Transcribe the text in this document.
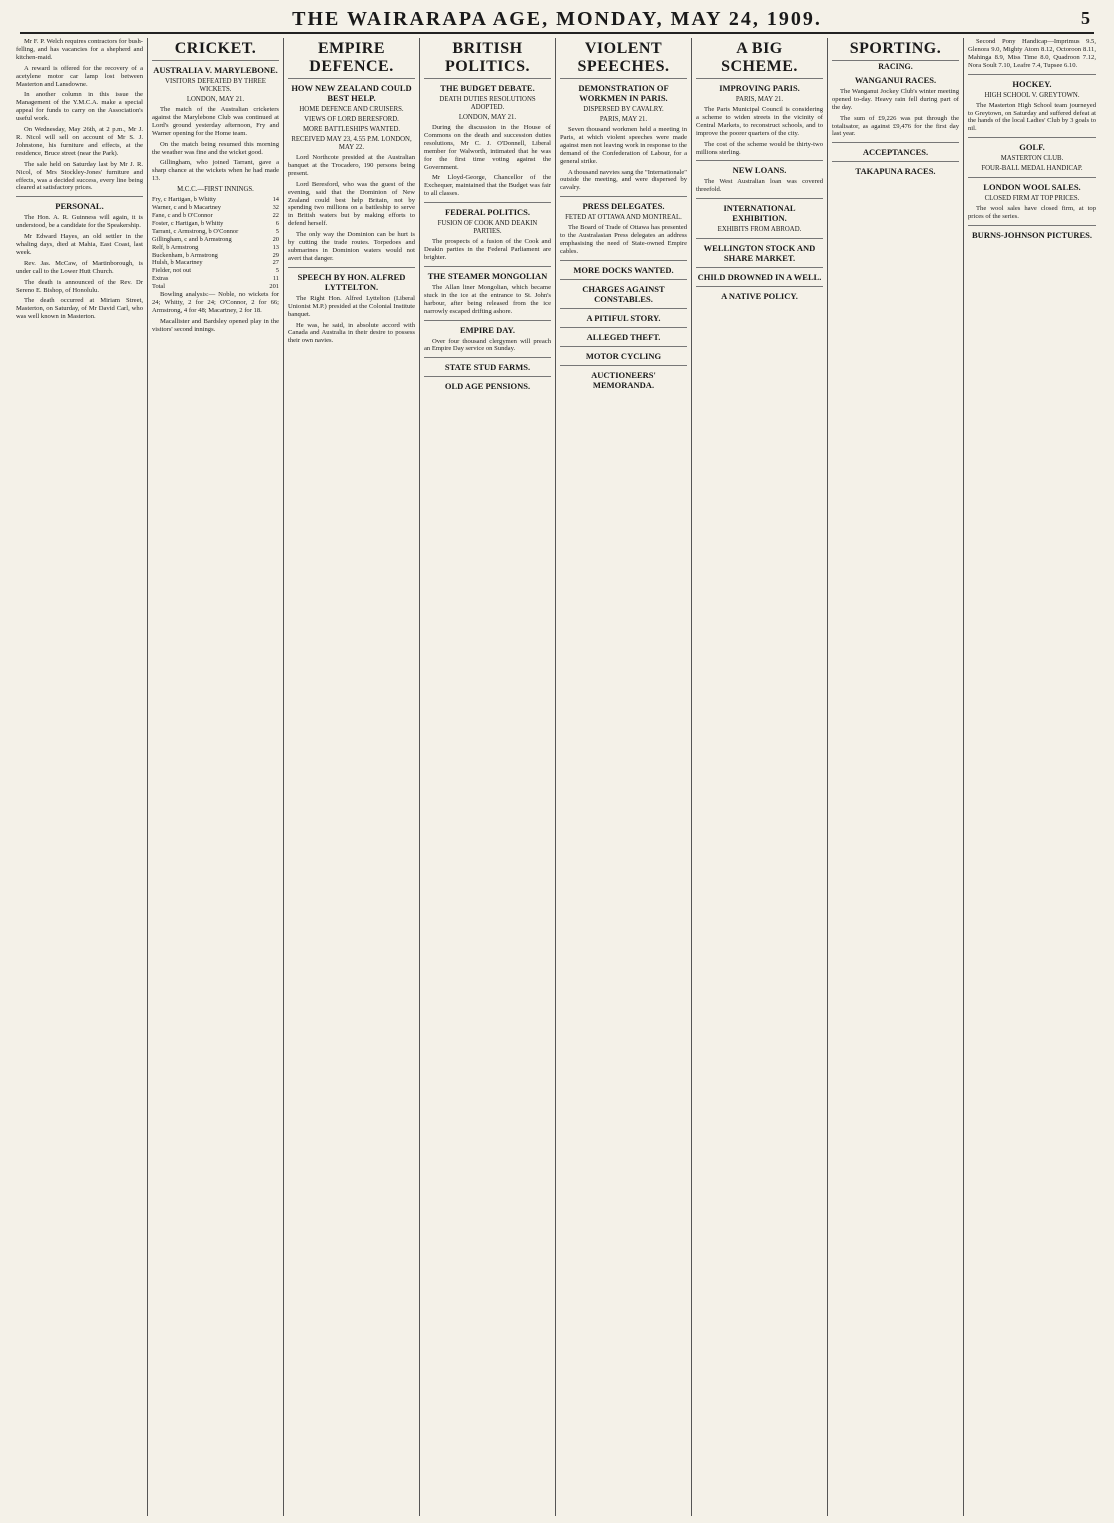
THE WAIRARAPA AGE, MONDAY, MAY 24, 1909.	5

Mr F. P. Welch requires contractors for bush-felling, and has vacancies for a shepherd and kitchen-maid.

A reward is offered for the recovery of a acetylene motor car lamp lost between Masterton and Lansdowne.

In another column in this issue the Management of the Y.M.C.A. make a special appeal for funds to carry on the Association's useful work.

On Wednesday, May 26th, at 2 p.m., Mr J. R. Nicol will sell on account of Mr S. J. Johnstone, his furniture and effects, at the residence, Bruce street (near the Park).

The sale held on Saturday last by Mr J. R. Nicol, of Mrs Stockley-Jones' furniture and effects, was a decided success, every line being cleared at satisfactory prices.

PERSONAL.

The Hon. A. R. Guinness will again, it is understood, be a candidate for the Speakership.

Mr Edward Hayes, an old settler in the whaling days, died at Mahia, East Coast, last week.

Rev. Jas. McCaw, of Martinborough, is under call to the Lower Hutt Church.

The death is announced of the Rev. Dr Sereno E. Bishop, of Honolulu.

The death occurred at Miriam Street, Masterton, on Saturday, of Mr David Carl, who was well known in Masterton.

CRICKET.
AUSTRALIA V. MARYLEBONE.
VISITORS DEFEATED BY THREE WICKETS.
LONDON, MAY 21.

The match of the Australian cricketers against the Marylebone Club was continued at Lord's ground yesterday afternoon, Fry and Warner opening for the Home team.

On the match being resumed this morning the weather was fine and the wicket good.

Gillingham, who joined Tarrant, gave a sharp chance at the wickets when he had made 13.

M.C.C.—FIRST INNINGS.
Fry, c Hartigan, b Whitty	14
Warner, c and b Macartney	32
Fane, c and b O'Connor	22
Foster, c Hartigan, b Whitty	6
Tarrant, c Armstrong, b O'Connor	5
Gillingham, c and b Armstrong	20
Relf, b Armstrong	13
Buckenham, b Armstrong	29
Hulsh, b Macartney	27
Fielder, not out	5
Extras	11
Total	201

Bowling analysis:— Noble, no wickets for 24; Whitty, 2 for 24; O'Connor, 2 for 66; Armstrong, 4 for 48; Macartney, 2 for 18.

Macallister and Bardsley opened play in the visitors' second innings.

EMPIRE DEFENCE.
HOW NEW ZEALAND COULD BEST HELP.
HOME DEFENCE AND CRUISERS.
VIEWS OF LORD BERESFORD.
MORE BATTLESHIPS WANTED.
RECEIVED MAY 23, 4.55 P.M. LONDON, MAY 22.

Lord Northcote presided at the Australian banquet at the Trocadero, 190 persons being present.

Lord Beresford, who was the guest of the evening, said that the Dominion of New Zealand could best help Britain, not by spending two millions on a battleship to serve in British waters but by making efforts to defend herself.

The only way the Dominion can be hurt is by cutting the trade routes. Torpedoes and submarines in Dominion waters would not avert that danger.

SPEECH BY HON. ALFRED LYTTELTON.

The Right Hon. Alfred Lyttelton (Liberal Unionist M.P.) presided at the Colonial Institute banquet.

He was, he said, in absolute accord with Canada and Australia in their desire to possess their own navies.

BRITISH POLITICS.
THE BUDGET DEBATE.
DEATH DUTIES RESOLUTIONS ADOPTED.
LONDON, MAY 21.

During the discussion in the House of Commons on the death and succession duties resolutions, Mr C. J. O'Donnell, Liberal member for Walworth, intimated that he was for the first time voting against the Government.

Mr Lloyd-George, Chancellor of the Exchequer, maintained that the Budget was fair to all classes.

FEDERAL POLITICS.
FUSION OF COOK AND DEAKIN PARTIES.

The prospects of a fusion of the Cook and Deakin parties in the Federal Parliament are brighter.

THE STEAMER MONGOLIAN

The Allan liner Mongolian, which became stuck in the ice at the entrance to St. John's harbour, after being released from the ice narrowly escaped drifting ashore.

EMPIRE DAY.

Over four thousand clergymen will preach an Empire Day service on Sunday.

STATE STUD FARMS.
OLD AGE PENSIONS.
VIOLENT SPEECHES.
DEMONSTRATION OF WORKMEN IN PARIS.
DISPERSED BY CAVALRY.
PARIS, MAY 21.

Seven thousand workmen held a meeting in Paris, at which violent speeches were made against men not leaving work in response to the demand of the Confederation of Labour, for a general strike.

A thousand navvies sang the "Internationale" outside the meeting, and were dispersed by cavalry.

PRESS DELEGATES.
FETED AT OTTAWA AND MONTREAL.

The Board of Trade of Ottawa has presented to the Australasian Press delegates an address emphasising the need of State-owned Empire cables.

MORE DOCKS WANTED.
CHARGES AGAINST CONSTABLES.
A PITIFUL STORY.
ALLEGED THEFT.
MOTOR CYCLING
AUCTIONEERS' MEMORANDA.
A BIG SCHEME.
IMPROVING PARIS.
PARIS, MAY 21.

The Paris Municipal Council is considering a scheme to widen streets in the vicinity of Central Markets, to reconstruct schools, and to improve the poorer quarters of the city.

The cost of the scheme would be thirty-two millions sterling.

NEW LOANS.

The West Australian loan was covered threefold.

INTERNATIONAL EXHIBITION.
EXHIBITS FROM ABROAD.
WELLINGTON STOCK AND SHARE MARKET.
CHILD DROWNED IN A WELL.
A NATIVE POLICY.
SPORTING.
RACING.
WANGANUI RACES.

The Wanganui Jockey Club's winter meeting opened to-day. Heavy rain fell during part of the day.

The sum of £9,226 was put through the totalisator, as against £9,476 for the first day last year.

ACCEPTANCES.
TAKAPUNA RACES.

Second Pony Handicap—Imprimus 9.5, Glenora 9.0, Mighty Atom 8.12, Octoroon 8.11, Mahinga 8.9, Miss Time 8.0, Quadroon 7.12, Nora Soult 7.10, Leafre 7.4, Tupsee 6.10.

HOCKEY.
HIGH SCHOOL V. GREYTOWN.

The Masterton High School team journeyed to Greytown, on Saturday and suffered defeat at the hands of the local Ladies' Club by 3 goals to nil.

GOLF.
MASTERTON CLUB.
FOUR-BALL MEDAL HANDICAP.
LONDON WOOL SALES.
CLOSED FIRM AT TOP PRICES.

The wool sales have closed firm, at top prices of the series.

BURNS-JOHNSON PICTURES.
